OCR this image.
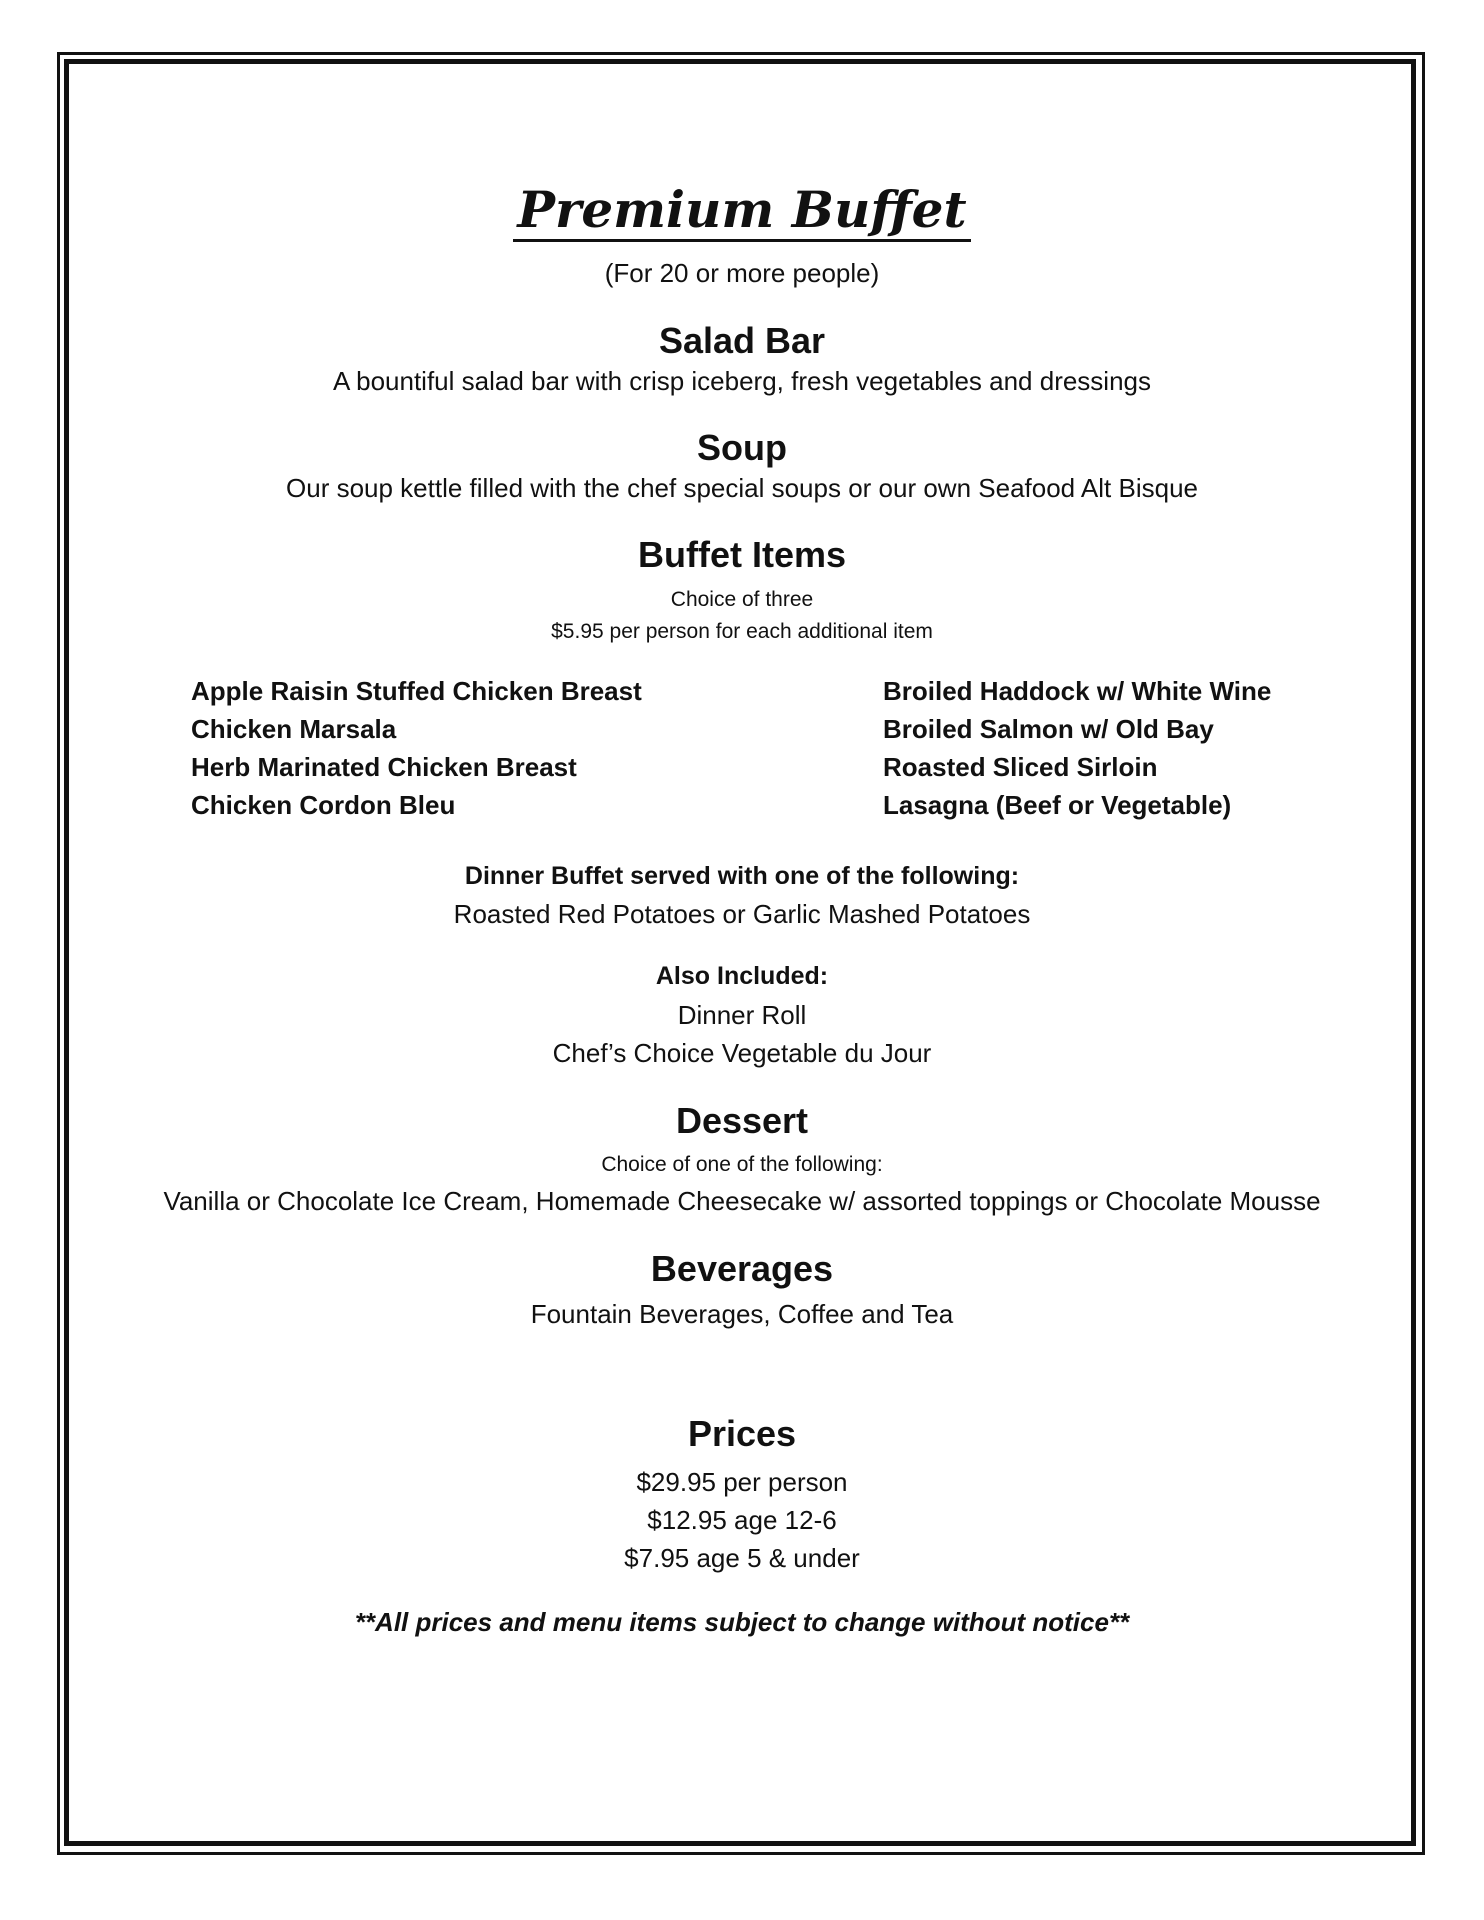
Premium Buffet
(For 20 or more people)
Salad Bar
A bountiful salad bar with crisp iceberg, fresh vegetables and dressings
Soup
Our soup kettle filled with the chef special soups or our own Seafood Alt Bisque
Buffet Items
Choice of three
$5.95 per person for each additional item
Apple Raisin Stuffed Chicken Breast
Chicken Marsala
Herb Marinated Chicken Breast
Chicken Cordon Bleu
Broiled Haddock w/ White Wine
Broiled Salmon w/ Old Bay
Roasted Sliced Sirloin
Lasagna (Beef or Vegetable)
Dinner Buffet served with one of the following:
Roasted Red Potatoes or Garlic Mashed Potatoes
Also Included:
Dinner Roll
Chef’s Choice Vegetable du Jour
Dessert
Choice of one of the following:
Vanilla or Chocolate Ice Cream, Homemade Cheesecake w/ assorted toppings or Chocolate Mousse
Beverages
Fountain Beverages, Coffee and Tea
Prices
$29.95 per person
$12.95 age 12-6
$7.95 age 5 & under
**All prices and menu items subject to change without notice**
